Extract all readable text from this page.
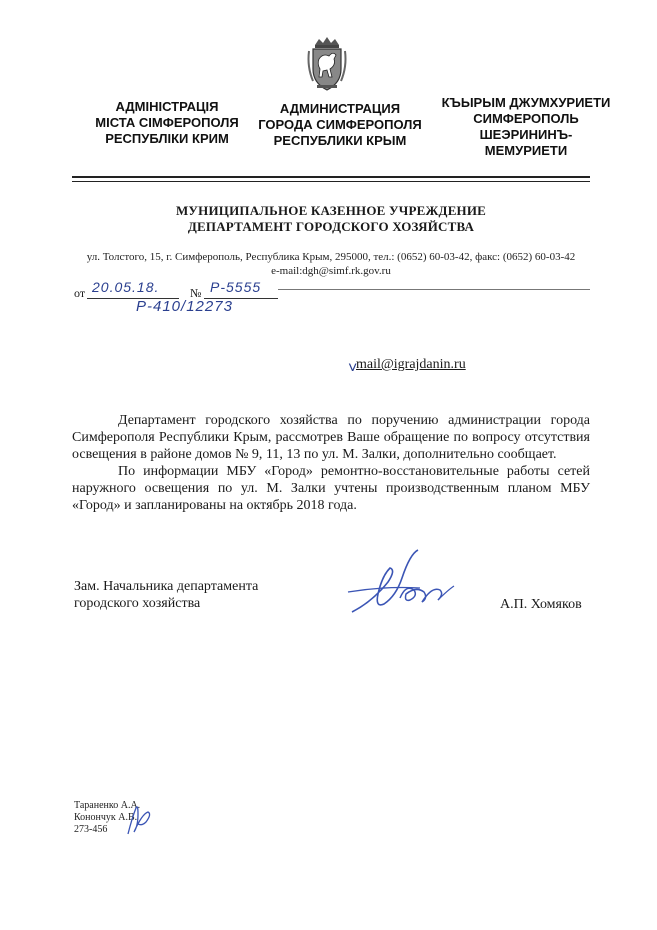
АДМІНІСТРАЦІЯ
МІСТА СІМФЕРОПОЛЯ
РЕСПУБЛІКИ КРИМ
АДМИНИСТРАЦИЯ
ГОРОДА СИМФЕРОПОЛЯ
РЕСПУБЛИКИ КРЫМ
КЪЫРЫМ ДЖУМХУРИЕТИ
СИМФЕРОПОЛЬ
ШЕЭРИНИНЪ-
МЕМУРИЕТИ
МУНИЦИПАЛЬНОЕ КАЗЕННОЕ УЧРЕЖДЕНИЕ
ДЕПАРТАМЕНТ ГОРОДСКОГО ХОЗЯЙСТВА
ул. Толстого, 15, г. Симферополь, Республика Крым, 295000, тел.: (0652) 60-03-42, факс: (0652) 60-03-42
e-mail:dgh@simf.rk.gov.ru
от 20.05.18.	№ Р-5555
Р-410/12273
˅
mail@igrajdanin.ru

Департамент городского хозяйства по поручению администрации города Симферополя Республики Крым, рассмотрев Ваше обращение по вопросу отсутствия освещения в районе домов № 9, 11, 13 по ул. М. Залки, дополнительно сообщает.

По информации МБУ «Город» ремонтно-восстановительные работы сетей наружного освещения по ул. М. Залки учтены производственным планом МБУ «Город» и запланированы на октябрь 2018 года.

Зам. Начальника департамента
городского хозяйства	А.П. Хомяков
Тараненко А.А.
Конончук А.В.
273-456
